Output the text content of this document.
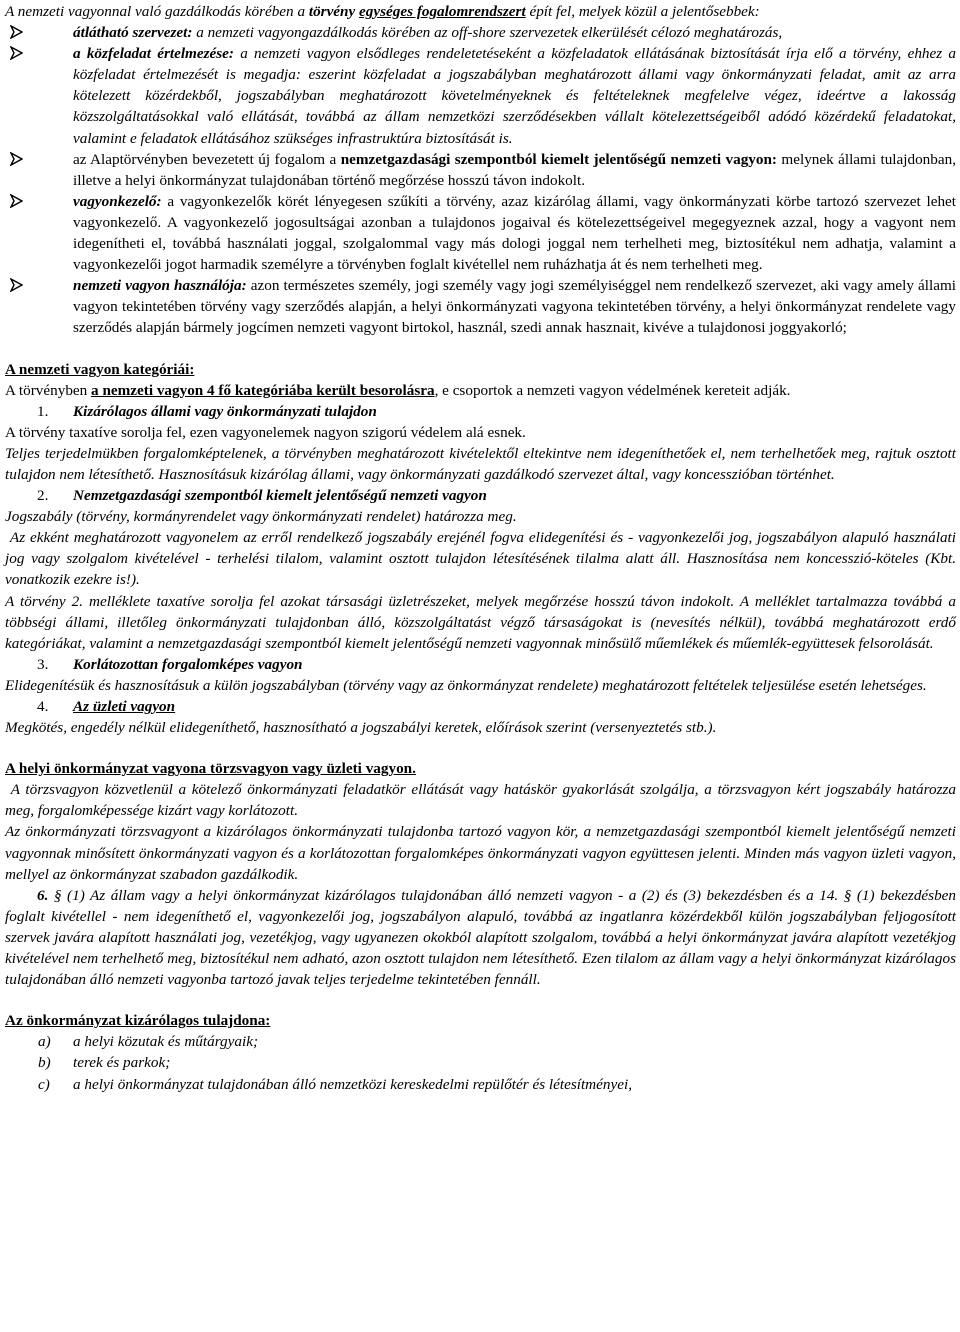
A nemzeti vagyonnal való gazdálkodás körében a törvény egységes fogalomrendszert épít fel, melyek közül a jelentősebbek:

átlátható szervezet: a nemzeti vagyongazdálkodás körében az off-shore szervezetek elkerülését célozó meghatározás,
a közfeladat értelmezése: a nemzeti vagyon elsődleges rendeletetéseként a közfeladatok ellátásának biztosítását írja elő a törvény, ehhez a közfeladat értelmezését is megadja: eszerint közfeladat a jogszabályban meghatározott állami vagy önkormányzati feladat, amit az arra kötelezett közérdekből, jogszabályban meghatározott követelményeknek és feltételeknek megfelelve végez, ideértve a lakosság közszolgáltatásokkal való ellátását, továbbá az állam nemzetközi szerződésekben vállalt kötelezettségeiből adódó közérdekű feladatokat, valamint e feladatok ellátásához szükséges infrastruktúra biztosítását is.
az Alaptörvényben bevezetett új fogalom a nemzetgazdasági szempontból kiemelt jelentőségű nemzeti vagyon: melynek állami tulajdonban, illetve a helyi önkormányzat tulajdonában történő megőrzése hosszú távon indokolt.
vagyonkezelő: a vagyonkezelők körét lényegesen szűkíti a törvény, azaz kizárólag állami, vagy önkormányzati körbe tartozó szervezet lehet vagyonkezelő. A vagyonkezelő jogosultságai azonban a tulajdonos jogaival és kötelezettségeivel megegyeznek azzal, hogy a vagyont nem idegenítheti el, továbbá használati joggal, szolgalommal vagy más dologi joggal nem terhelheti meg, biztosítékul nem adhatja, valamint a vagyonkezelői jogot harmadik személyre a törvényben foglalt kivétellel nem ruházhatja át és nem terhelheti meg.
nemzeti vagyon használója: azon természetes személy, jogi személy vagy jogi személyiséggel nem rendelkező szervezet, aki vagy amely állami vagyon tekintetében törvény vagy szerződés alapján, a helyi önkormányzati vagyona tekintetében törvény, a helyi önkormányzat rendelete vagy szerződés alapján bármely jogcímen nemzeti vagyont birtokol, használ, szedi annak hasznait, kivéve a tulajdonosi joggyakorló;

A nemzeti vagyon kategóriái:

A törvényben a nemzeti vagyon 4 fő kategóriába került besorolásra, e csoportok a nemzeti vagyon védelmének kereteit adják.

1. Kizárólagos állami vagy önkormányzati tulajdon

A törvény taxatíve sorolja fel, ezen vagyonelemek nagyon szigorú védelem alá esnek.

Teljes terjedelmükben forgalomképtelenek, a törvényben meghatározott kivételektől eltekintve nem idegeníthetőek el, nem terhelhetőek meg, rajtuk osztott tulajdon nem létesíthető. Hasznosításuk kizárólag állami, vagy önkormányzati gazdálkodó szervezet által, vagy koncesszióban történhet.

2. Nemzetgazdasági szempontból kiemelt jelentőségű nemzeti vagyon

Jogszabály (törvény, kormányrendelet vagy önkormányzati rendelet) határozza meg.

Az ekként meghatározott vagyonelem az erről rendelkező jogszabály erejénél fogva elidegenítési és - vagyonkezelői jog, jogszabályon alapuló használati jog vagy szolgalom kivételével - terhelési tilalom, valamint osztott tulajdon létesítésének tilalma alatt áll. Hasznosítása nem koncesszió-köteles (Kbt. vonatkozik ezekre is!).

A törvény 2. melléklete taxatíve sorolja fel azokat társasági üzletrészeket, melyek megőrzése hosszú távon indokolt. A melléklet tartalmazza továbbá a többségi állami, illetőleg önkormányzati tulajdonban álló, közszolgáltatást végző társaságokat is (nevesítés nélkül), továbbá meghatározott erdő kategóriákat, valamint a nemzetgazdasági szempontból kiemelt jelentőségű nemzeti vagyonnak minősülő műemlékek és műemlék-együttesek felsorolását.

3. Korlátozottan forgalomképes vagyon

Elidegenítésük és hasznosításuk a külön jogszabályban (törvény vagy az önkormányzat rendelete) meghatározott feltételek teljesülése esetén lehetséges.

4. Az üzleti vagyon

Megkötés, engedély nélkül elidegeníthető, hasznosítható a jogszabályi keretek, előírások szerint (versenyeztetés stb.).

A helyi önkormányzat vagyona törzsvagyon vagy üzleti vagyon.

A törzsvagyon közvetlenül a kötelező önkormányzati feladatkör ellátását vagy hatáskör gyakorlását szolgálja, a törzsvagyon kért jogszabály határozza meg, forgalomképessége kizárt vagy korlátozott.

Az önkormányzati törzsvagyont a kizárólagos önkormányzati tulajdonba tartozó vagyon kör, a nemzetgazdasági szempontból kiemelt jelentőségű nemzeti vagyonnak minősített önkormányzati vagyon és a korlátozottan forgalomképes önkormányzati vagyon együttesen jelenti. Minden más vagyon üzleti vagyon, mellyel az önkormányzat szabadon gazdálkodik.

6. § (1) Az állam vagy a helyi önkormányzat kizárólagos tulajdonában álló nemzeti vagyon - a (2) és (3) bekezdésben és a 14. § (1) bekezdésben foglalt kivétellel - nem idegeníthető el, vagyonkezelői jog, jogszabályon alapuló, továbbá az ingatlanra közérdekből külön jogszabályban feljogosított szervek javára alapított használati jog, vezetékjog, vagy ugyanezen okokból alapított szolgalom, továbbá a helyi önkormányzat javára alapított vezetékjog kivételével nem terhelhető meg, biztosítékul nem adható, azon osztott tulajdon nem létesíthető. Ezen tilalom az állam vagy a helyi önkormányzat kizárólagos tulajdonában álló nemzeti vagyonba tartozó javak teljes terjedelme tekintetében fennáll.

Az önkormányzat kizárólagos tulajdona:

a) a helyi közutak és műtárgyaik;
b) terek és parkok;
c) a helyi önkormányzat tulajdonában álló nemzetközi kereskedelmi repülőtér és létesítményei,
